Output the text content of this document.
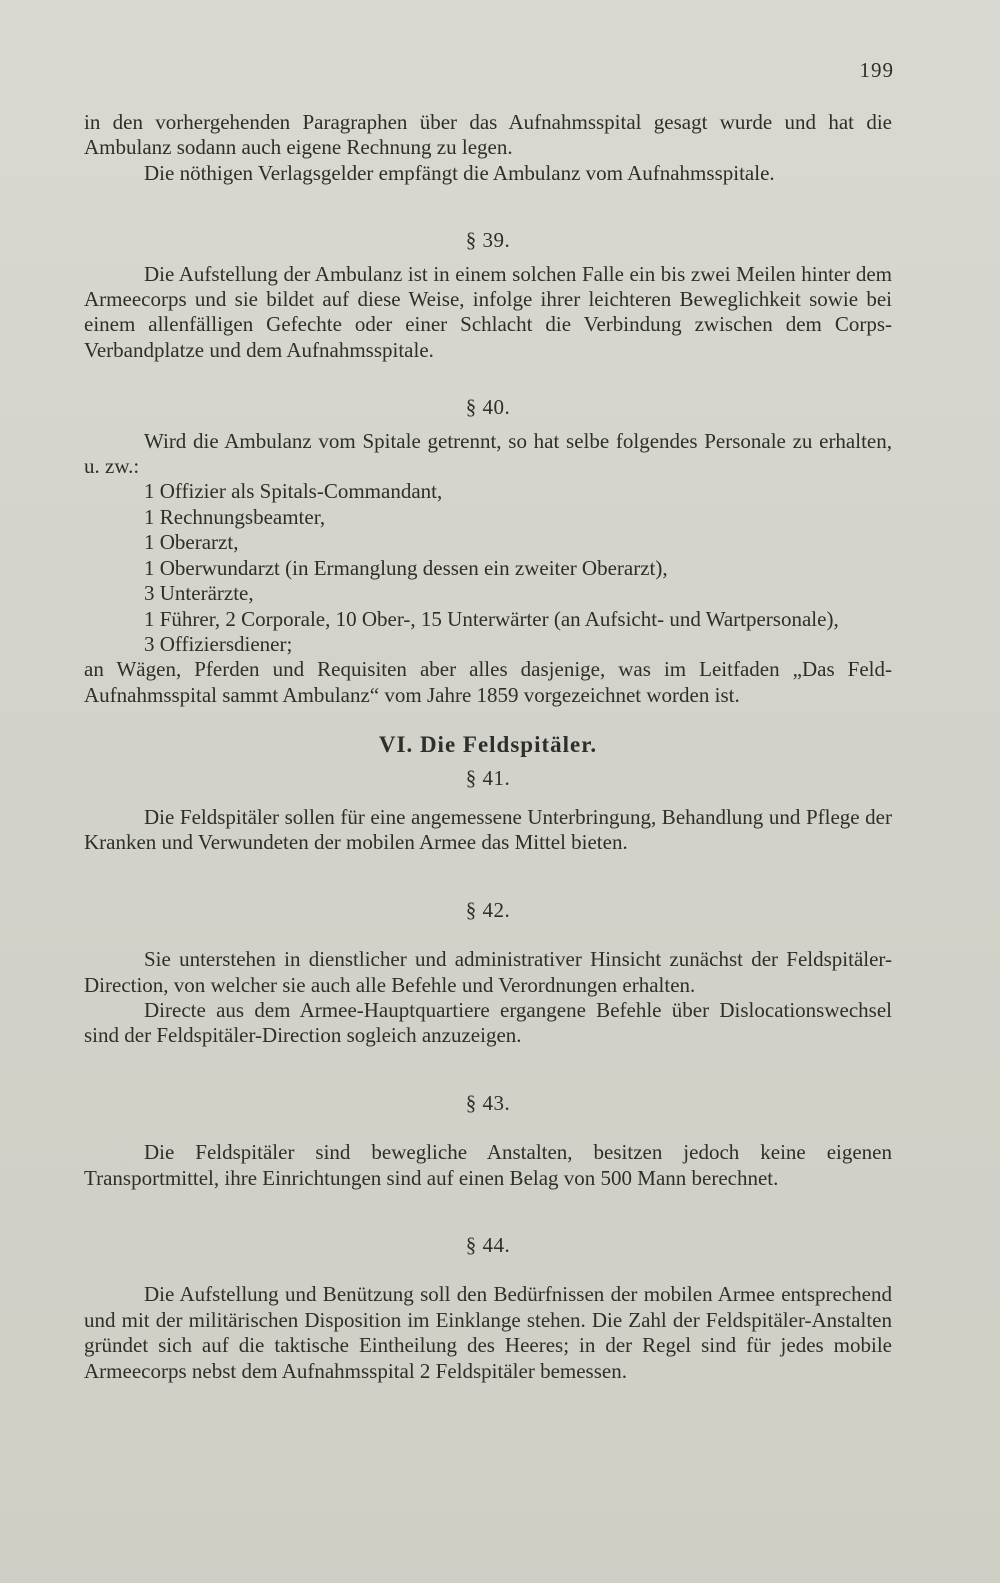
199

in den vorhergehenden Paragraphen über das Aufnahmsspital gesagt wurde und hat die Ambulanz sodann auch eigene Rechnung zu legen.

Die nöthigen Verlagsgelder empfängt die Ambulanz vom Aufnahmsspitale.

§ 39.

Die Aufstellung der Ambulanz ist in einem solchen Falle ein bis zwei Meilen hinter dem Armeecorps und sie bildet auf diese Weise, infolge ihrer leichteren Beweglichkeit sowie bei einem allenfälligen Gefechte oder einer Schlacht die Verbindung zwischen dem Corps-Verbandplatze und dem Aufnahmsspitale.

§ 40.

Wird die Ambulanz vom Spitale getrennt, so hat selbe folgendes Personale zu erhalten, u. zw.:

1 Offizier als Spitals-Commandant,

1 Rechnungsbeamter,

1 Oberarzt,

1 Oberwundarzt (in Ermanglung dessen ein zweiter Oberarzt),

3 Unterärzte,

1 Führer, 2 Corporale, 10 Ober-, 15 Unterwärter (an Aufsicht- und Wartpersonale),

3 Offiziersdiener;

an Wägen, Pferden und Requisiten aber alles dasjenige, was im Leitfaden „Das Feld-Aufnahmsspital sammt Ambulanz“ vom Jahre 1859 vorgezeichnet worden ist.

VI. Die Feldspitäler.
§ 41.

Die Feldspitäler sollen für eine angemessene Unterbringung, Behandlung und Pflege der Kranken und Verwundeten der mobilen Armee das Mittel bieten.

§ 42.

Sie unterstehen in dienstlicher und administrativer Hinsicht zunächst der Feldspitäler-Direction, von welcher sie auch alle Befehle und Verordnungen erhalten.

Directe aus dem Armee-Hauptquartiere ergangene Befehle über Dislocationswechsel sind der Feldspitäler-Direction sogleich anzuzeigen.

§ 43.

Die Feldspitäler sind bewegliche Anstalten, besitzen jedoch keine eigenen Transportmittel, ihre Einrichtungen sind auf einen Belag von 500 Mann berechnet.

§ 44.

Die Aufstellung und Benützung soll den Bedürfnissen der mobilen Armee entsprechend und mit der militärischen Disposition im Einklange stehen. Die Zahl der Feldspitäler-Anstalten gründet sich auf die taktische Eintheilung des Heeres; in der Regel sind für jedes mobile Armeecorps nebst dem Aufnahmsspital 2 Feldspitäler bemessen.
